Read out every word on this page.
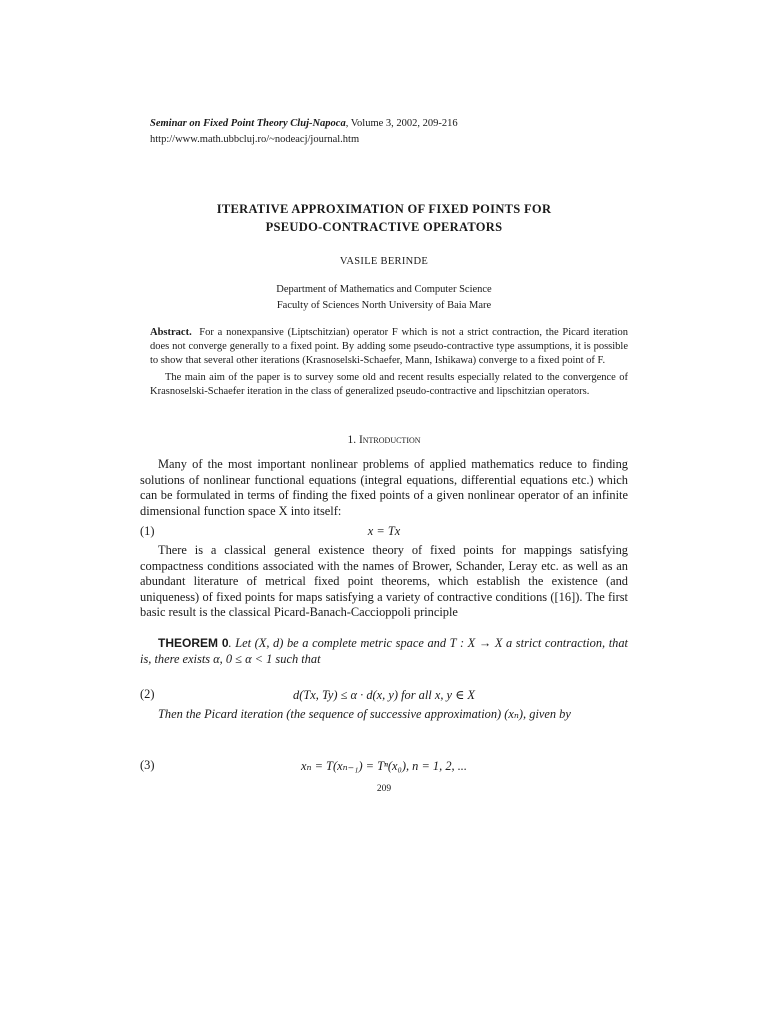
Seminar on Fixed Point Theory Cluj-Napoca, Volume 3, 2002, 209-216
http://www.math.ubbcluj.ro/~nodeacj/journal.htm
ITERATIVE APPROXIMATION OF FIXED POINTS FOR
PSEUDO-CONTRACTIVE OPERATORS
VASILE BERINDE
Department of Mathematics and Computer Science
Faculty of Sciences North University of Baia Mare

Abstract. For a nonexpansive (Liptschitzian) operator F which is not a strict contraction, the Picard iteration does not converge generally to a fixed point. By adding some pseudo-contractive type assumptions, it is possible to show that several other iterations (Krasnoselski-Schaefer, Mann, Ishikawa) converge to a fixed point of F.

The main aim of the paper is to survey some old and recent results especially related to the convergence of Krasnoselski-Schaefer iteration in the class of generalized pseudo-contractive and lipschitzian operators.

1. Introduction

Many of the most important nonlinear problems of applied mathematics reduce to finding solutions of nonlinear functional equations (integral equations, differential equations etc.) which can be formulated in terms of finding the fixed points of a given nonlinear operator of an infinite dimensional function space X into itself:

(1)	x = Tx

There is a classical general existence theory of fixed points for mappings satisfying compactness conditions associated with the names of Brower, Schander, Leray etc. as well as an abundant literature of metrical fixed point theorems, which establish the existence (and uniqueness) of fixed points for maps satisfying a variety of contractive conditions ([16]). The first basic result is the classical Picard-Banach-Caccioppoli principle

THEOREM 0. Let (X, d) be a complete metric space and T : X → X a strict contraction, that is, there exists α, 0 ≤ α < 1 such that

(2)	d(Tx, Ty) ≤ α · d(x, y) for all x, y ∈ X

Then the Picard iteration (the sequence of successive approximation) (xₙ), given by

(3)	xₙ = T(xₙ₋₁) = Tⁿ(x₀), n = 1, 2, ...
209
